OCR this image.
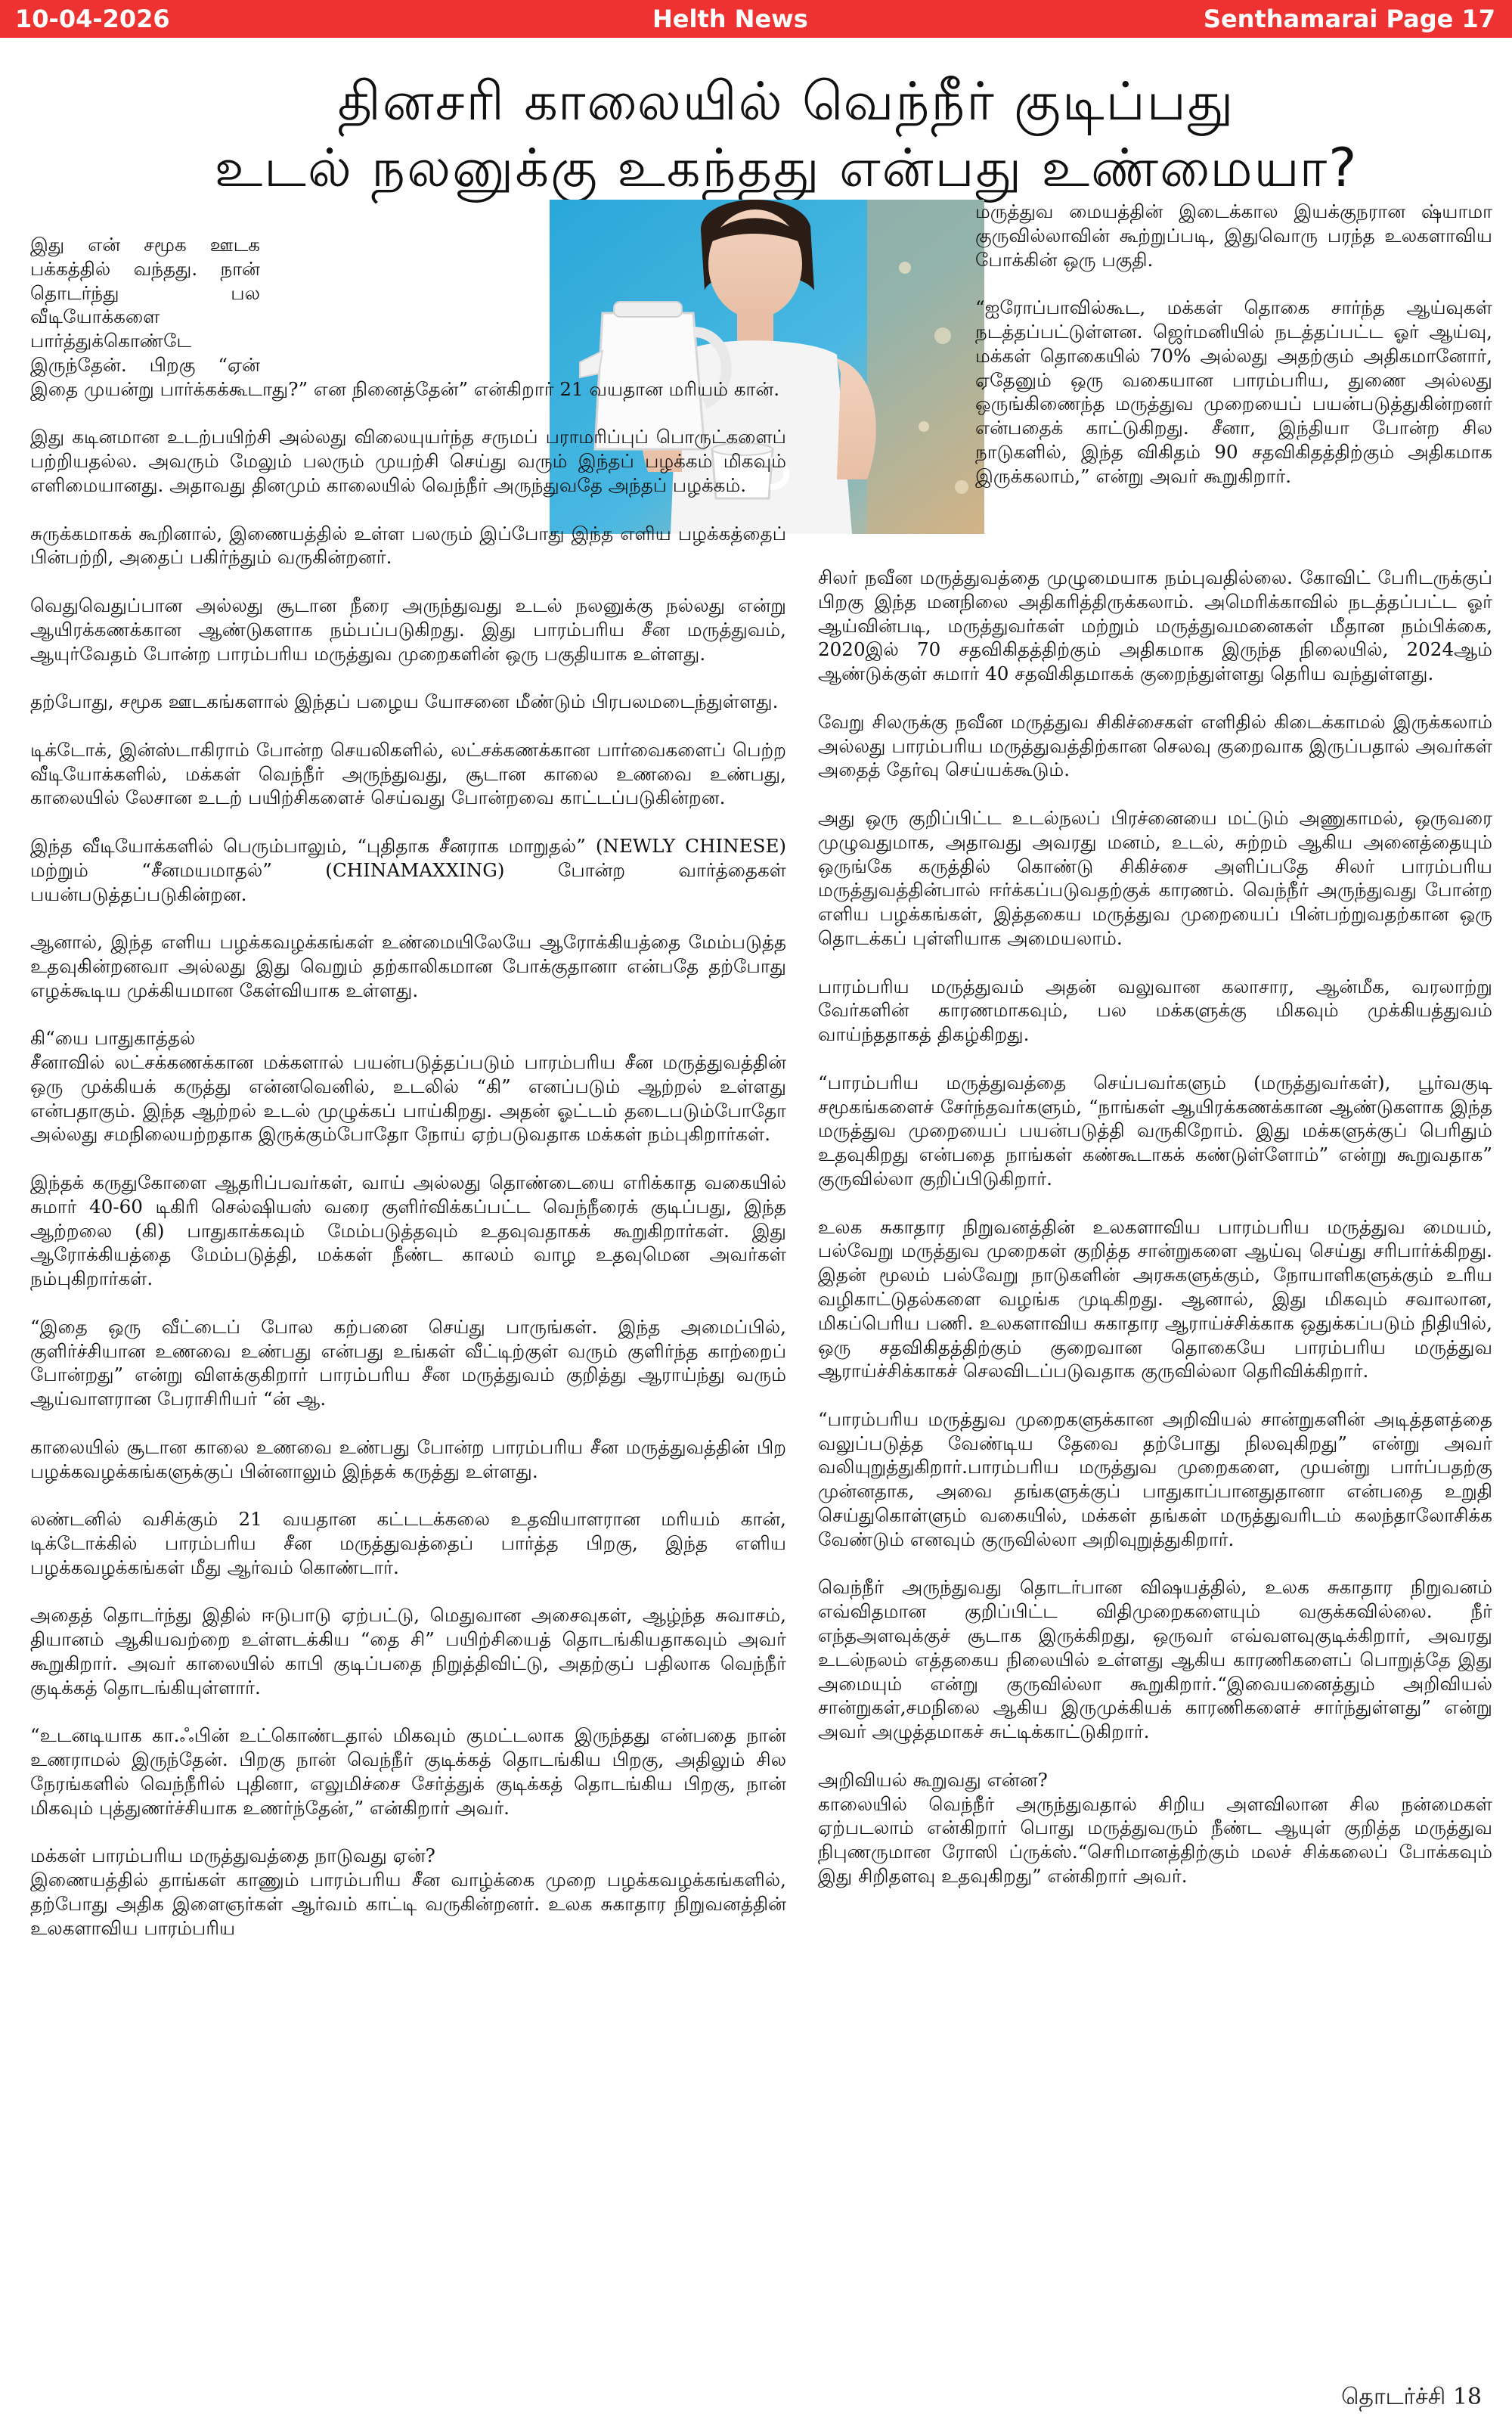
10-04-2026	Helth News	Senthamarai Page 17
தினசரி காலையில் வெந்நீர் குடிப்பது
உடல் நலனுக்கு உகந்தது என்பது உண்மையா?

மருத்துவ மையத்தின் இடைக்கால இயக்குநரான ஷ்யாமா குருவில்லாவின் கூற்றுப்படி, இதுவொரு பரந்த உலகளாவிய போக்கின் ஒரு பகுதி.

“ஐரோப்பாவில்கூட, மக்கள் தொகை சார்ந்த ஆய்வுகள் நடத்தப்பட்டுள்ளன. ஜெர்மனியில் நடத்தப்பட்ட ஓர் ஆய்வு, மக்கள் தொகையில் 70% அல்லது அதற்கும் அதிகமானோர், ஏதேனும் ஒரு வகையான பாரம்பரிய, துணை அல்லது ஒருங்கிணைந்த மருத்துவ முறையைப் பயன்படுத்துகின்றனர் என்பதைக் காட்டுகிறது. சீனா, இந்தியா போன்ற சில நாடுகளில், இந்த விகிதம் 90 சதவிகிதத்திற்கும் அதிகமாக இருக்கலாம்,” என்று அவர் கூறுகிறார்.

இது என் சமூக ஊடக பக்கத்தில் வந்தது. நான் தொடர்ந்து பல வீடியோக்களை பார்த்துக்கொண்டே இருந்தேன். பிறகு “ஏன் இதை முயன்று பார்க்கக்கூடாது?” என நினைத்தேன்” என்கிறார் 21 வயதான மரியம் கான்.

இது கடினமான உடற்பயிற்சி அல்லது விலையுயர்ந்த சருமப் பராமரிப்புப் பொருட்களைப் பற்றியதல்ல. அவரும் மேலும் பலரும் முயற்சி செய்து வரும் இந்தப் பழக்கம் மிகவும் எளிமையானது. அதாவது தினமும் காலையில் வெந்நீர் அருந்துவதே அந்தப் பழக்கம்.

சுருக்கமாகக் கூறினால், இணையத்தில் உள்ள பலரும் இப்போது இந்த எளிய பழக்கத்தைப் பின்பற்றி, அதைப் பகிர்ந்தும் வருகின்றனர்.

வெதுவெதுப்பான அல்லது சூடான நீரை அருந்துவது உடல் நலனுக்கு நல்லது என்று ஆயிரக்கணக்கான ஆண்டுகளாக நம்பப்படுகிறது. இது பாரம்பரிய சீன மருத்துவம், ஆயுர்வேதம் போன்ற பாரம்பரிய மருத்துவ முறைகளின் ஒரு பகுதியாக உள்ளது.

தற்போது, சமூக ஊடகங்களால் இந்தப் பழைய யோசனை மீண்டும் பிரபலமடைந்துள்ளது.

டிக்டோக், இன்ஸ்டாகிராம் போன்ற செயலிகளில், லட்சக்கணக்கான பார்வைகளைப் பெற்ற வீடியோக்களில், மக்கள் வெந்நீர் அருந்துவது, சூடான காலை உணவை உண்பது, காலையில் லேசான உடற் பயிற்சிகளைச் செய்வது போன்றவை காட்டப்படுகின்றன.

இந்த வீடியோக்களில் பெரும்பாலும், “புதிதாக சீனராக மாறுதல்” (NEWLY CHINESE) மற்றும் “சீனமயமாதல்” (CHINAMAXXING) போன்ற வார்த்தைகள் பயன்படுத்தப்படுகின்றன.

ஆனால், இந்த எளிய பழக்கவழக்கங்கள் உண்மையிலேயே ஆரோக்கியத்தை மேம்படுத்த உதவுகின்றனவா அல்லது இது வெறும் தற்காலிகமான போக்குதானா என்பதே தற்போது எழக்கூடிய முக்கியமான கேள்வியாக உள்ளது.

கி“யை பாதுகாத்தல்

சீனாவில் லட்சக்கணக்கான மக்களால் பயன்படுத்தப்படும் பாரம்பரிய சீன மருத்துவத்தின் ஒரு முக்கியக் கருத்து என்னவெனில், உடலில் “கி” எனப்படும் ஆற்றல் உள்ளது என்பதாகும். இந்த ஆற்றல் உடல் முழுக்கப் பாய்கிறது. அதன் ஓட்டம் தடைபடும்போதோ அல்லது சமநிலையற்றதாக இருக்கும்போதோ நோய் ஏற்படுவதாக மக்கள் நம்புகிறார்கள்.

இந்தக் கருதுகோளை ஆதரிப்பவர்கள், வாய் அல்லது தொண்டையை எரிக்காத வகையில் சுமார் 40-60 டிகிரி செல்ஷியஸ் வரை குளிர்விக்கப்பட்ட வெந்நீரைக் குடிப்பது, இந்த ஆற்றலை (கி) பாதுகாக்கவும் மேம்படுத்தவும் உதவுவதாகக் கூறுகிறார்கள். இது ஆரோக்கியத்தை மேம்படுத்தி, மக்கள் நீண்ட காலம் வாழ உதவுமென அவர்கள் நம்புகிறார்கள்.

“இதை ஒரு வீட்டைப் போல கற்பனை செய்து பாருங்கள். இந்த அமைப்பில், குளிர்ச்சியான உணவை உண்பது என்பது உங்கள் வீட்டிற்குள் வரும் குளிர்ந்த காற்றைப் போன்றது” என்று விளக்குகிறார் பாரம்பரிய சீன மருத்துவம் குறித்து ஆராய்ந்து வரும் ஆய்வாளரான பேராசிரியர் “ன் ஆ.

காலையில் சூடான காலை உணவை உண்பது போன்ற பாரம்பரிய சீன மருத்துவத்தின் பிற பழக்கவழக்கங்களுக்குப் பின்னாலும் இந்தக் கருத்து உள்ளது.

லண்டனில் வசிக்கும் 21 வயதான கட்டடக்கலை உதவியாளரான மரியம் கான், டிக்டோக்கில் பாரம்பரிய சீன மருத்துவத்தைப் பார்த்த பிறகு, இந்த எளிய பழக்கவழக்கங்கள் மீது ஆர்வம் கொண்டார்.

அதைத் தொடர்ந்து இதில் ஈடுபாடு ஏற்பட்டு, மெதுவான அசைவுகள், ஆழ்ந்த சுவாசம், தியானம் ஆகியவற்றை உள்ளடக்கிய “தை சி” பயிற்சியைத் தொடங்கியதாகவும் அவர் கூறுகிறார். அவர் காலையில் காபி குடிப்பதை நிறுத்திவிட்டு, அதற்குப் பதிலாக வெந்நீர் குடிக்கத் தொடங்கியுள்ளார்.

“உடனடியாக கா.ஃபின் உட்கொண்டதால் மிகவும் குமட்டலாக இருந்தது என்பதை நான் உணராமல் இருந்தேன். பிறகு நான் வெந்நீர் குடிக்கத் தொடங்கிய பிறகு, அதிலும் சில நேரங்களில் வெந்நீரில் புதினா, எலுமிச்சை சேர்த்துக் குடிக்கத் தொடங்கிய பிறகு, நான் மிகவும் புத்துணர்ச்சியாக உணர்ந்தேன்,” என்கிறார் அவர்.

மக்கள் பாரம்பரிய மருத்துவத்தை நாடுவது ஏன்?

இணையத்தில் தாங்கள் காணும் பாரம்பரிய சீன வாழ்க்கை முறை பழக்கவழக்கங்களில், தற்போது அதிக இளைஞர்கள் ஆர்வம் காட்டி வருகின்றனர். உலக சுகாதார நிறுவனத்தின் உலகளாவிய பாரம்பரிய

சிலர் நவீன மருத்துவத்தை முழுமையாக நம்புவதில்லை. கோவிட் பேரிடருக்குப் பிறகு இந்த மனநிலை அதிகரித்திருக்கலாம். அமெரிக்காவில் நடத்தப்பட்ட ஓர் ஆய்வின்படி, மருத்துவர்கள் மற்றும் மருத்துவமனைகள் மீதான நம்பிக்கை, 2020இல் 70 சதவிகிதத்திற்கும் அதிகமாக இருந்த நிலையில், 2024ஆம் ஆண்டுக்குள் சுமார் 40 சதவிகிதமாகக் குறைந்துள்ளது தெரிய வந்துள்ளது.

வேறு சிலருக்கு நவீன மருத்துவ சிகிச்சைகள் எளிதில் கிடைக்காமல் இருக்கலாம் அல்லது பாரம்பரிய மருத்துவத்திற்கான செலவு குறைவாக இருப்பதால் அவர்கள் அதைத் தேர்வு செய்யக்கூடும்.

அது ஒரு குறிப்பிட்ட உடல்நலப் பிரச்னையை மட்டும் அணுகாமல், ஒருவரை முழுவதுமாக, அதாவது அவரது மனம், உடல், சுற்றம் ஆகிய அனைத்தையும் ஒருங்கே கருத்தில் கொண்டு சிகிச்சை அளிப்பதே சிலர் பாரம்பரிய மருத்துவத்தின்பால் ஈர்க்கப்படுவதற்குக் காரணம். வெந்நீர் அருந்துவது போன்ற எளிய பழக்கங்கள், இத்தகைய மருத்துவ முறையைப் பின்பற்றுவதற்கான ஒரு தொடக்கப் புள்ளியாக அமையலாம்.

பாரம்பரிய மருத்துவம் அதன் வலுவான கலாசார, ஆன்மீக, வரலாற்று வேர்களின் காரணமாகவும், பல மக்களுக்கு மிகவும் முக்கியத்துவம் வாய்ந்ததாகத் திகழ்கிறது.

“பாரம்பரிய மருத்துவத்தை செய்பவர்களும் (மருத்துவர்கள்), பூர்வகுடி சமூகங்களைச் சேர்ந்தவர்களும், “நாங்கள் ஆயிரக்கணக்கான ஆண்டுகளாக இந்த மருத்துவ முறையைப் பயன்படுத்தி வருகிறோம். இது மக்களுக்குப் பெரிதும் உதவுகிறது என்பதை நாங்கள் கண்கூடாகக் கண்டுள்ளோம்” என்று கூறுவதாக” குருவில்லா குறிப்பிடுகிறார்.

உலக சுகாதார நிறுவனத்தின் உலகளாவிய பாரம்பரிய மருத்துவ மையம், பல்வேறு மருத்துவ முறைகள் குறித்த சான்றுகளை ஆய்வு செய்து சரிபார்க்கிறது. இதன் மூலம் பல்வேறு நாடுகளின் அரசுகளுக்கும், நோயாளிகளுக்கும் உரிய வழிகாட்டுதல்களை வழங்க முடிகிறது. ஆனால், இது மிகவும் சவாலான, மிகப்பெரிய பணி. உலகளாவிய சுகாதார ஆராய்ச்சிக்காக ஒதுக்கப்படும் நிதியில், ஒரு சதவிகிதத்திற்கும் குறைவான தொகையே பாரம்பரிய மருத்துவ ஆராய்ச்சிக்காகச் செலவிடப்படுவதாக குருவில்லா தெரிவிக்கிறார்.

“பாரம்பரிய மருத்துவ முறைகளுக்கான அறிவியல் சான்றுகளின் அடித்தளத்தை வலுப்படுத்த வேண்டிய தேவை தற்போது நிலவுகிறது” என்று அவர் வலியுறுத்துகிறார்.பாரம்பரிய மருத்துவ முறைகளை, முயன்று பார்ப்பதற்கு முன்னதாக, அவை தங்களுக்குப் பாதுகாப்பானதுதானா என்பதை உறுதி செய்துகொள்ளும் வகையில், மக்கள் தங்கள் மருத்துவரிடம் கலந்தாலோசிக்க வேண்டும் எனவும் குருவில்லா அறிவுறுத்துகிறார்.

வெந்நீர் அருந்துவது தொடர்பான விஷயத்தில், உலக சுகாதார நிறுவனம் எவ்விதமான குறிப்பிட்ட விதிமுறைகளையும் வகுக்கவில்லை. நீர் எந்தஅளவுக்குச் சூடாக இருக்கிறது, ஒருவர் எவ்வளவுகுடிக்கிறார், அவரது உடல்நலம் எத்தகைய நிலையில் உள்ளது ஆகிய காரணிகளைப் பொறுத்தே இது அமையும் என்று குருவில்லா கூறுகிறார்.“இவையனைத்தும் அறிவியல் சான்றுகள்,சமநிலை ஆகிய இருமுக்கியக் காரணிகளைச் சார்ந்துள்ளது” என்று அவர் அழுத்தமாகச் சுட்டிக்காட்டுகிறார்.

அறிவியல் கூறுவது என்ன?

காலையில் வெந்நீர் அருந்துவதால் சிறிய அளவிலான சில நன்மைகள் ஏற்படலாம் என்கிறார் பொது மருத்துவரும் நீண்ட ஆயுள் குறித்த மருத்துவ நிபுணருமான ரோஸி ப்ருக்ஸ்.“செரிமானத்திற்கும் மலச் சிக்கலைப் போக்கவும் இது சிறிதளவு உதவுகிறது” என்கிறார் அவர்.

தொடர்ச்சி 18
